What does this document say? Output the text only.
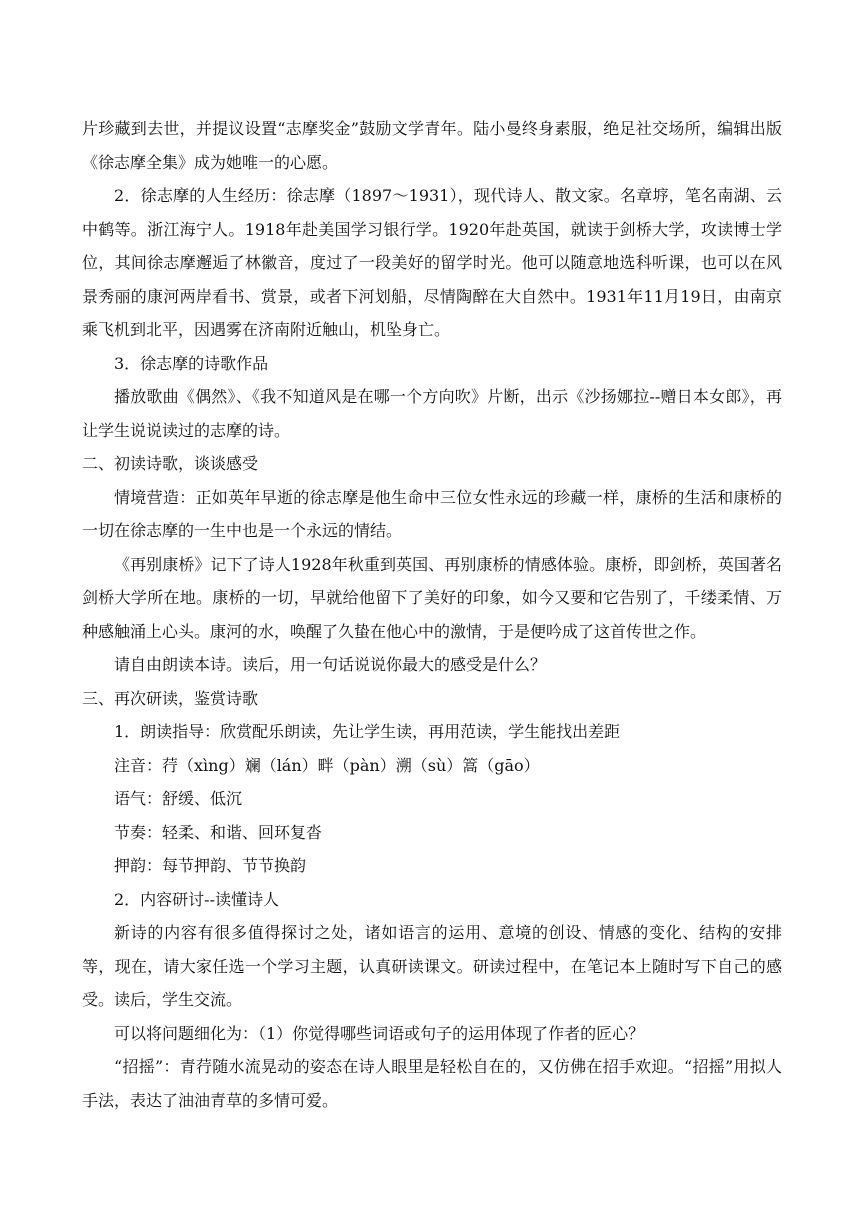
片珍藏到去世，并提议设置“志摩奖金”鼓励文学青年。陆小曼终身素服，绝足社交场所，编辑出版《徐志摩全集》成为她唯一的心愿。

2．徐志摩的人生经历：徐志摩（1897～1931），现代诗人、散文家。名章垿，笔名南湖、云中鹤等。浙江海宁人。1918年赴美国学习银行学。1920年赴英国，就读于剑桥大学，攻读博士学位，其间徐志摩邂逅了林徽音，度过了一段美好的留学时光。他可以随意地选科听课，也可以在风景秀丽的康河两岸看书、赏景，或者下河划船，尽情陶醉在大自然中。1931年11月19日，由南京乘飞机到北平，因遇雾在济南附近触山，机坠身亡。

3．徐志摩的诗歌作品

播放歌曲《偶然》、《我不知道风是在哪一个方向吹》片断，出示《沙扬娜拉--赠日本女郎》，再让学生说说读过的志摩的诗。

二、初读诗歌，谈谈感受

情境营造：正如英年早逝的徐志摩是他生命中三位女性永远的珍藏一样，康桥的生活和康桥的一切在徐志摩的一生中也是一个永远的情结。

《再别康桥》记下了诗人1928年秋重到英国、再别康桥的情感体验。康桥，即剑桥，英国著名剑桥大学所在地。康桥的一切，早就给他留下了美好的印象，如今又要和它告别了，千缕柔情、万种感触涌上心头。康河的水，唤醒了久蛰在他心中的激情，于是便吟成了这首传世之作。

请自由朗读本诗。读后，用一句话说说你最大的感受是什么？

三、再次研读，鉴赏诗歌

1．朗读指导：欣赏配乐朗读，先让学生读，再用范读，学生能找出差距

注音：荇（xìng）斓（lán）畔（pàn）溯（sù）篙（gāo）

语气：舒缓、低沉

节奏：轻柔、和谐、回环复沓

押韵：每节押韵、节节换韵

2．内容研讨--读懂诗人

新诗的内容有很多值得探讨之处，诸如语言的运用、意境的创设、情感的变化、结构的安排等，现在，请大家任选一个学习主题，认真研读课文。研读过程中，在笔记本上随时写下自己的感受。读后，学生交流。

可以将问题细化为：（1）你觉得哪些词语或句子的运用体现了作者的匠心？

“招摇”：青荇随水流晃动的姿态在诗人眼里是轻松自在的，又仿佛在招手欢迎。“招摇”用拟人手法，表达了油油青草的多情可爱。
